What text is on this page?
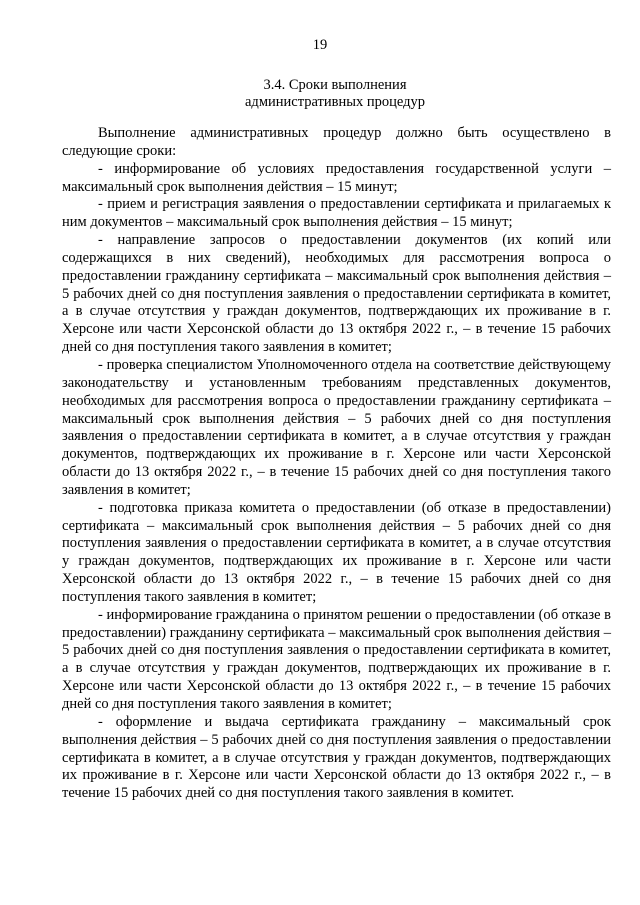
19
3.4. Сроки выполнения
административных процедур

Выполнение административных процедур должно быть осуществлено в следующие сроки:

- информирование об условиях предоставления государственной услуги – максимальный срок выполнения действия – 15 минут;

- прием и регистрация заявления о предоставлении сертификата и прилагаемых к ним документов – максимальный срок выполнения действия – 15 минут;

- направление запросов о предоставлении документов (их копий или содержащихся в них сведений), необходимых для рассмотрения вопроса о предоставлении гражданину сертификата – максимальный срок выполнения действия – 5 рабочих дней со дня поступления заявления о предоставлении сертификата в комитет, а в случае отсутствия у граждан документов, подтверждающих их проживание в г. Херсоне или части Херсонской области до 13 октября 2022 г., – в течение 15 рабочих дней со дня поступления такого заявления в комитет;

- проверка специалистом Уполномоченного отдела на соответствие действующему законодательству и установленным требованиям представленных документов, необходимых для рассмотрения вопроса о предоставлении гражданину сертификата – максимальный срок выполнения действия – 5 рабочих дней со дня поступления заявления о предоставлении сертификата в комитет, а в случае отсутствия у граждан документов, подтверждающих их проживание в г. Херсоне или части Херсонской области до 13 октября 2022 г., – в течение 15 рабочих дней со дня поступления такого заявления в комитет;

- подготовка приказа комитета о предоставлении (об отказе в предоставлении) сертификата – максимальный срок выполнения действия – 5 рабочих дней со дня поступления заявления о предоставлении сертификата в комитет, а в случае отсутствия у граждан документов, подтверждающих их проживание в г. Херсоне или части Херсонской области до 13 октября 2022 г., – в течение 15 рабочих дней со дня поступления такого заявления в комитет;

- информирование гражданина о принятом решении о предоставлении (об отказе в предоставлении) гражданину сертификата – максимальный срок выполнения действия – 5 рабочих дней со дня поступления заявления о предоставлении сертификата в комитет, а в случае отсутствия у граждан документов, подтверждающих их проживание в г. Херсоне или части Херсонской области до 13 октября 2022 г., – в течение 15 рабочих дней со дня поступления такого заявления в комитет;

- оформление и выдача сертификата гражданину – максимальный срок выполнения действия – 5 рабочих дней со дня поступления заявления о предоставлении сертификата в комитет, а в случае отсутствия у граждан документов, подтверждающих их проживание в г. Херсоне или части Херсонской области до 13 октября 2022 г., – в течение 15 рабочих дней со дня поступления такого заявления в комитет.
